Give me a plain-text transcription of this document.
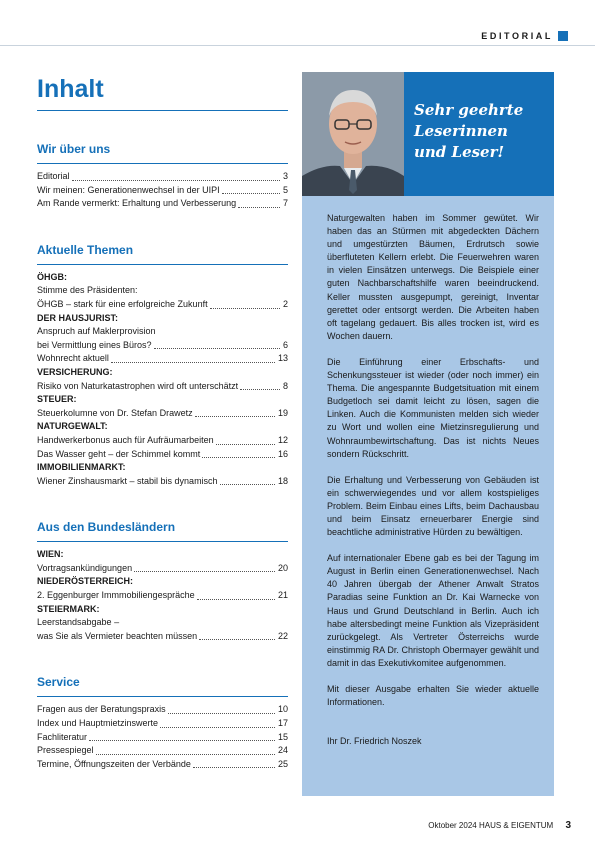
EDITORIAL
Inhalt
Wir über uns
Editorial	3
Wir meinen: Generationenwechsel in der UIPI	5
Am Rande vermerkt: Erhaltung und Verbesserung	7
Aktuelle Themen
ÖHGB:
Stimme des Präsidenten:
ÖHGB – stark für eine erfolgreiche Zukunft	2
DER HAUSJURIST:
Anspruch auf Maklerprovision
bei Vermittlung eines Büros?	6
Wohnrecht aktuell	13
VERSICHERUNG:
Risiko von Naturkatastrophen wird oft unterschätzt	8
STEUER:
Steuerkolumne von Dr. Stefan Drawetz	19
NATURGEWALT:
Handwerkerbonus auch für Aufräumarbeiten	12
Das Wasser geht – der Schimmel kommt	16
IMMOBILIENMARKT:
Wiener Zinshausmarkt – stabil bis dynamisch	18
Aus den Bundesländern
WIEN:
Vortragsankündigungen	20
NIEDERÖSTERREICH:
2. Eggenburger Immmobiliengespräche	21
STEIERMARK:
Leerstandsabgabe –
was Sie als Vermieter beachten müssen	22
Service
Fragen aus der Beratungspraxis	10
Index und Hauptmietzinswerte	17
Fachliteratur	15
Pressespiegel	24
Termine, Öffnungszeiten der Verbände	25
Sehr geehrte
Leserinnen
und Leser!

Naturgewalten haben im Sommer gewütet. Wir haben das an Stürmen mit abgedeckten Dächern und umgestürzten Bäumen, Erdrutsch sowie überfluteten Kellern erlebt. Die Feuerwehren waren in vielen Einsätzen unterwegs. Die Beispiele einer guten Nachbarschaftshilfe waren beeindruckend. Keller mussten ausgepumpt, gereinigt, Inventar gerettet oder entsorgt werden. Die Arbeiten haben oft tagelang gedauert. Bis alles trocken ist, wird es Wochen dauern.

Die Einführung einer Erbschafts- und Schenkungssteuer ist wieder (oder noch immer) ein Thema. Die angespannte Budgetsituation mit einem Budgetloch sei damit leicht zu lösen, sagen die Linken. Auch die Kommunisten melden sich wieder zu Wort und wollen eine Mietzinsregulierung und Wohnraumbewirtschaftung. Das ist nichts Neues sondern Rückschritt.

Die Erhaltung und Verbesserung von Gebäuden ist ein schwerwiegendes und vor allem kostspieliges Problem. Beim Einbau eines Lifts, beim Dachausbau und beim Einsatz erneuerbarer Energie sind beachtliche administrative Hürden zu bewältigen.

Auf internationaler Ebene gab es bei der Tagung im August in Berlin einen Generationenwechsel. Nach 40 Jahren übergab der Athener Anwalt Stratos Paradias seine Funktion an Dr. Kai Warnecke von Haus und Grund Deutschland in Berlin. Auch ich habe altersbedingt meine Funktion als Vizepräsident zurückgelegt. Als Vertreter Österreichs wurde einstimmig RA Dr. Christoph Obermayer gewählt und damit in das Exekutivkomitee aufgenommen.

Mit dieser Ausgabe erhalten Sie wieder aktuelle Informationen.

Ihr Dr. Friedrich Noszek

Oktober 2024 HAUS & EIGENTUM 3
